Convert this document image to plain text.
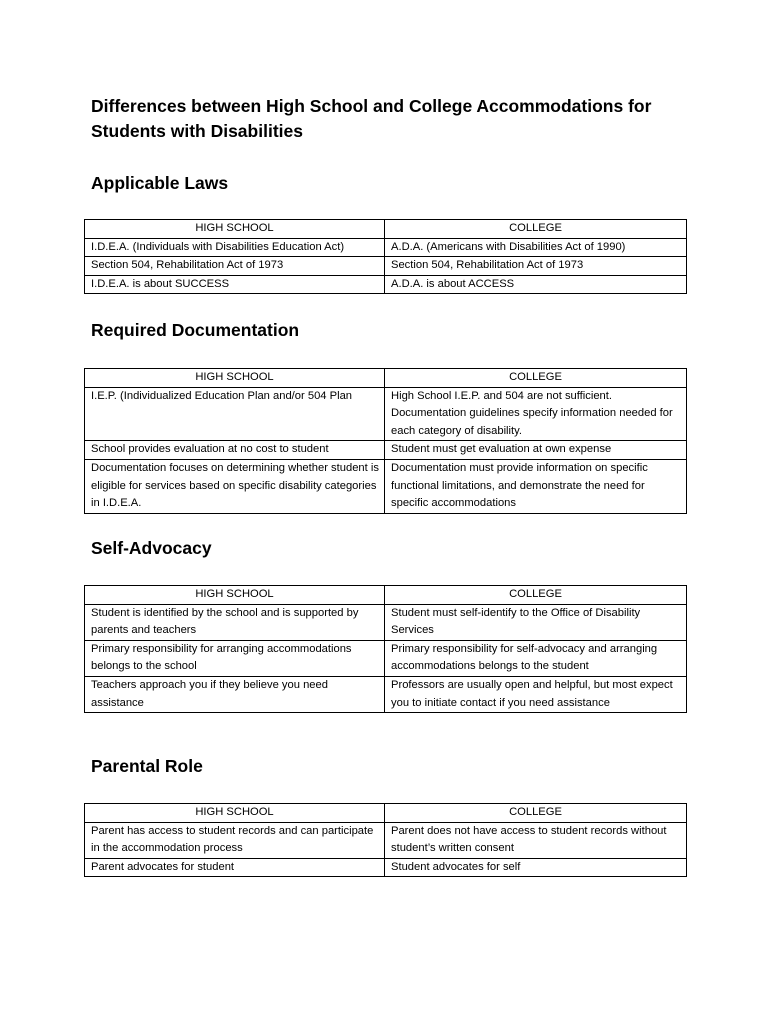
Differences between High School and College Accommodations for Students with Disabilities
Applicable Laws
HIGH SCHOOL	COLLEGE
I.D.E.A. (Individuals with Disabilities Education Act)	A.D.A. (Americans with Disabilities Act of 1990)
Section 504, Rehabilitation Act of 1973	Section 504, Rehabilitation Act of 1973
I.D.E.A. is about SUCCESS	A.D.A. is about ACCESS
Required Documentation
HIGH SCHOOL	COLLEGE
I.E.P. (Individualized Education Plan and/or 504 Plan	High School I.E.P. and 504 are not sufficient. Documentation guidelines specify information needed for each category of disability.
School provides evaluation at no cost to student	Student must get evaluation at own expense
Documentation focuses on determining whether student is eligible for services based on specific disability categories in I.D.E.A.	Documentation must provide information on specific functional limitations, and demonstrate the need for specific accommodations
Self-Advocacy
HIGH SCHOOL	COLLEGE
Student is identified by the school and is supported by parents and teachers	Student must self-identify to the Office of Disability Services
Primary responsibility for arranging accommodations belongs to the school	Primary responsibility for self-advocacy and arranging accommodations belongs to the student
Teachers approach you if they believe you need assistance	Professors are usually open and helpful, but most expect you to initiate contact if you need assistance
Parental Role
HIGH SCHOOL	COLLEGE
Parent has access to student records and can participate in the accommodation process	Parent does not have access to student records without student’s written consent
Parent advocates for student	Student advocates for self
